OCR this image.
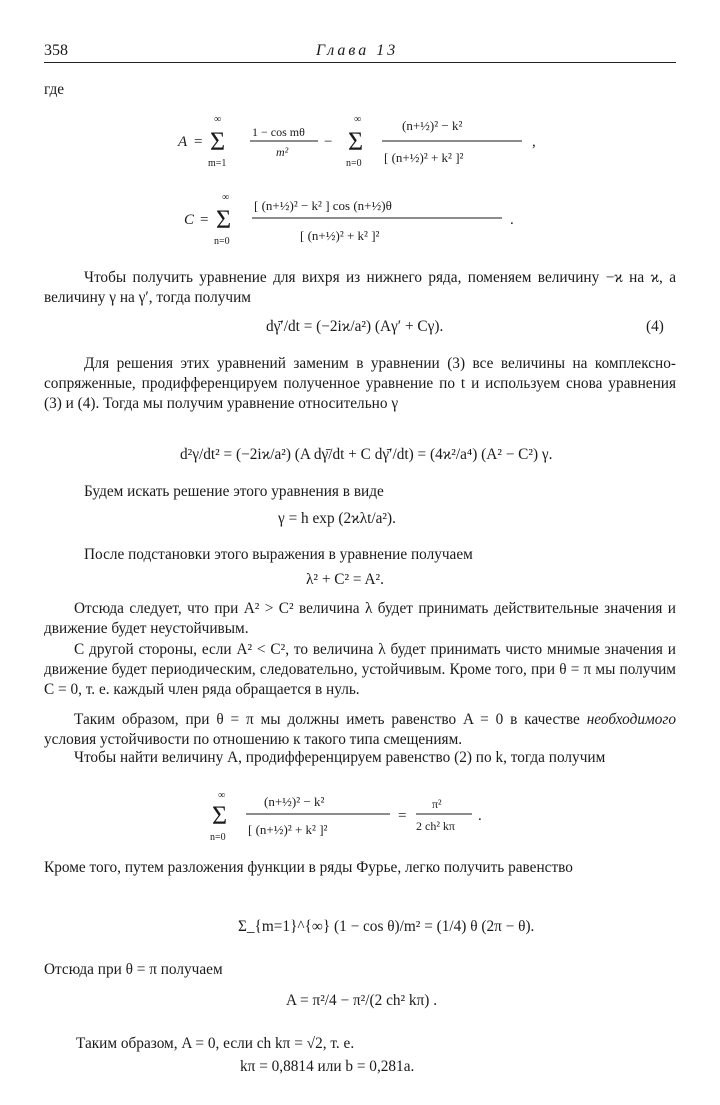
358	Глава 13
где
A =
∞
Σ
m=1
1 − cos mθ
m²
−
∞
Σ
n=0
(n+½)² − k²
[ (n+½)² + k² ]²
,
C =
∞
Σ
n=0
[ (n+½)² − k² ] cos (n+½)θ
[ (n+½)² + k² ]²
.
Чтобы получить уравнение для вихря из нижнего ряда, поменяем величину −ϰ на ϰ, а величину γ на γ′, тогда получим
dγ̄′/dt = (−2iϰ/a²) (Aγ′ + Cγ).	(4)
Для решения этих уравнений заменим в уравнении (3) все величины на комплексно-сопряженные, продифференцируем полученное уравнение по t и используем снова уравнения (3) и (4). Тогда мы получим уравнение относительно γ
d²γ/dt² = (−2iϰ/a²) (A dγ̄/dt + C dγ̄′/dt) = (4ϰ²/a⁴) (A² − C²) γ.
Будем искать решение этого уравнения в виде
γ = h exp (2ϰλt/a²).
После подстановки этого выражения в уравнение получаем
λ² + C² = A².
Отсюда следует, что при A² > C² величина λ будет принимать действительные значения и движение будет неустойчивым.
С другой стороны, если A² < C², то величина λ будет принимать чисто мнимые значения и движение будет периодическим, следовательно, устойчивым. Кроме того, при θ = π мы получим C = 0, т. е. каждый член ряда обращается в нуль.
Таким образом, при θ = π мы должны иметь равенство A = 0 в качестве необходимого условия устойчивости по отношению к такого типа смещениям.
Чтобы найти величину A, продифференцируем равенство (2) по k, тогда получим
∞
Σ
n=0
(n+½)² − k²
[ (n+½)² + k² ]²
=
π²
2 ch² kπ
.
Кроме того, путем разложения функции в ряды Фурье, легко получить равенство
Σ_{m=1}^{∞} (1 − cos θ)/m² = (1/4) θ (2π − θ).
Отсюда при θ = π получаем
A = π²/4 − π²/(2 ch² kπ) .
Таким образом, A = 0, если ch kπ = √2, т. е.
kπ = 0,8814 или b = 0,281a.
